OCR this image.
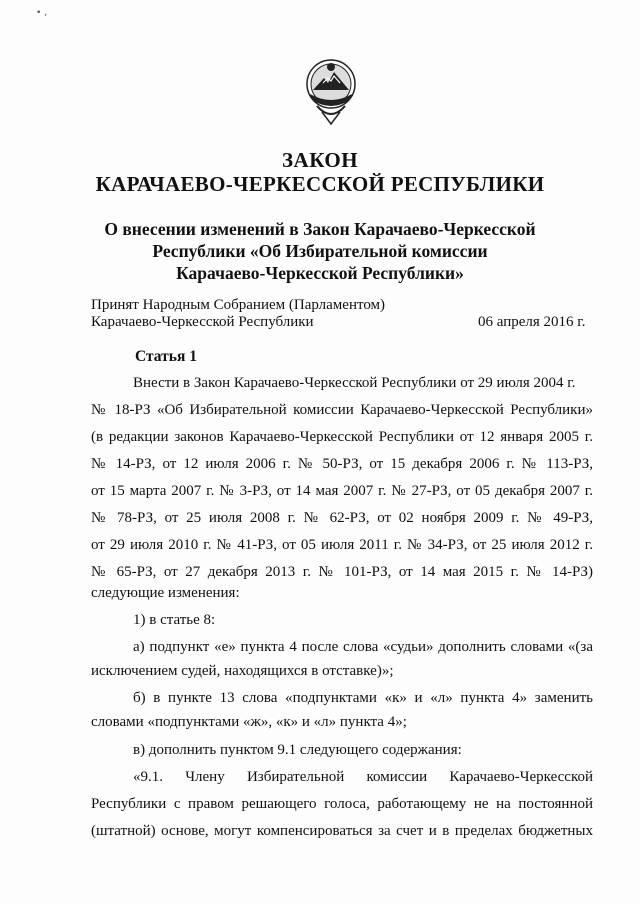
• ,
ЗАКОН
КАРАЧАЕВО-ЧЕРКЕССКОЙ РЕСПУБЛИКИ
О внесении изменений в Закон Карачаево-Черкесской
Республики «Об Избирательной комиссии
Карачаево-Черкесской Республики»
Принят Народным Собранием (Парламентом)
Карачаево-Черкесской Республики	06 апреля 2016 г.
Статья 1
Внести в Закон Карачаево-Черкесской Республики от 29 июля 2004 г.
№ 18-РЗ «Об Избирательной комиссии Карачаево-Черкесской Республики»
(в редакции законов Карачаево-Черкесской Республики от 12 января 2005 г.
№ 14-РЗ, от 12 июля 2006 г. № 50-РЗ, от 15 декабря 2006 г. № 113-РЗ,
от 15 марта 2007 г. № 3-РЗ, от 14 мая 2007 г. № 27-РЗ, от 05 декабря 2007 г.
№ 78-РЗ, от 25 июля 2008 г. № 62-РЗ, от 02 ноября 2009 г. № 49-РЗ,
от 29 июля 2010 г. № 41-РЗ, от 05 июля 2011 г. № 34-РЗ, от 25 июля 2012 г.
№ 65-РЗ, от 27 декабря 2013 г. № 101-РЗ, от 14 мая 2015 г. № 14-РЗ)
следующие изменения:
1) в статье 8:
а) подпункт «е» пункта 4 после слова «судьи» дополнить словами «(за
исключением судей, находящихся в отставке)»;
б) в пункте 13 слова «подпунктами «к» и «л» пункта 4» заменить
словами «подпунктами «ж», «к» и «л» пункта 4»;
в) дополнить пунктом 9.1 следующего содержания:
«9.1. Члену Избирательной комиссии Карачаево-Черкесской
Республики с правом решающего голоса, работающему не на постоянной
(штатной) основе, могут компенсироваться за счет и в пределах бюджетных
